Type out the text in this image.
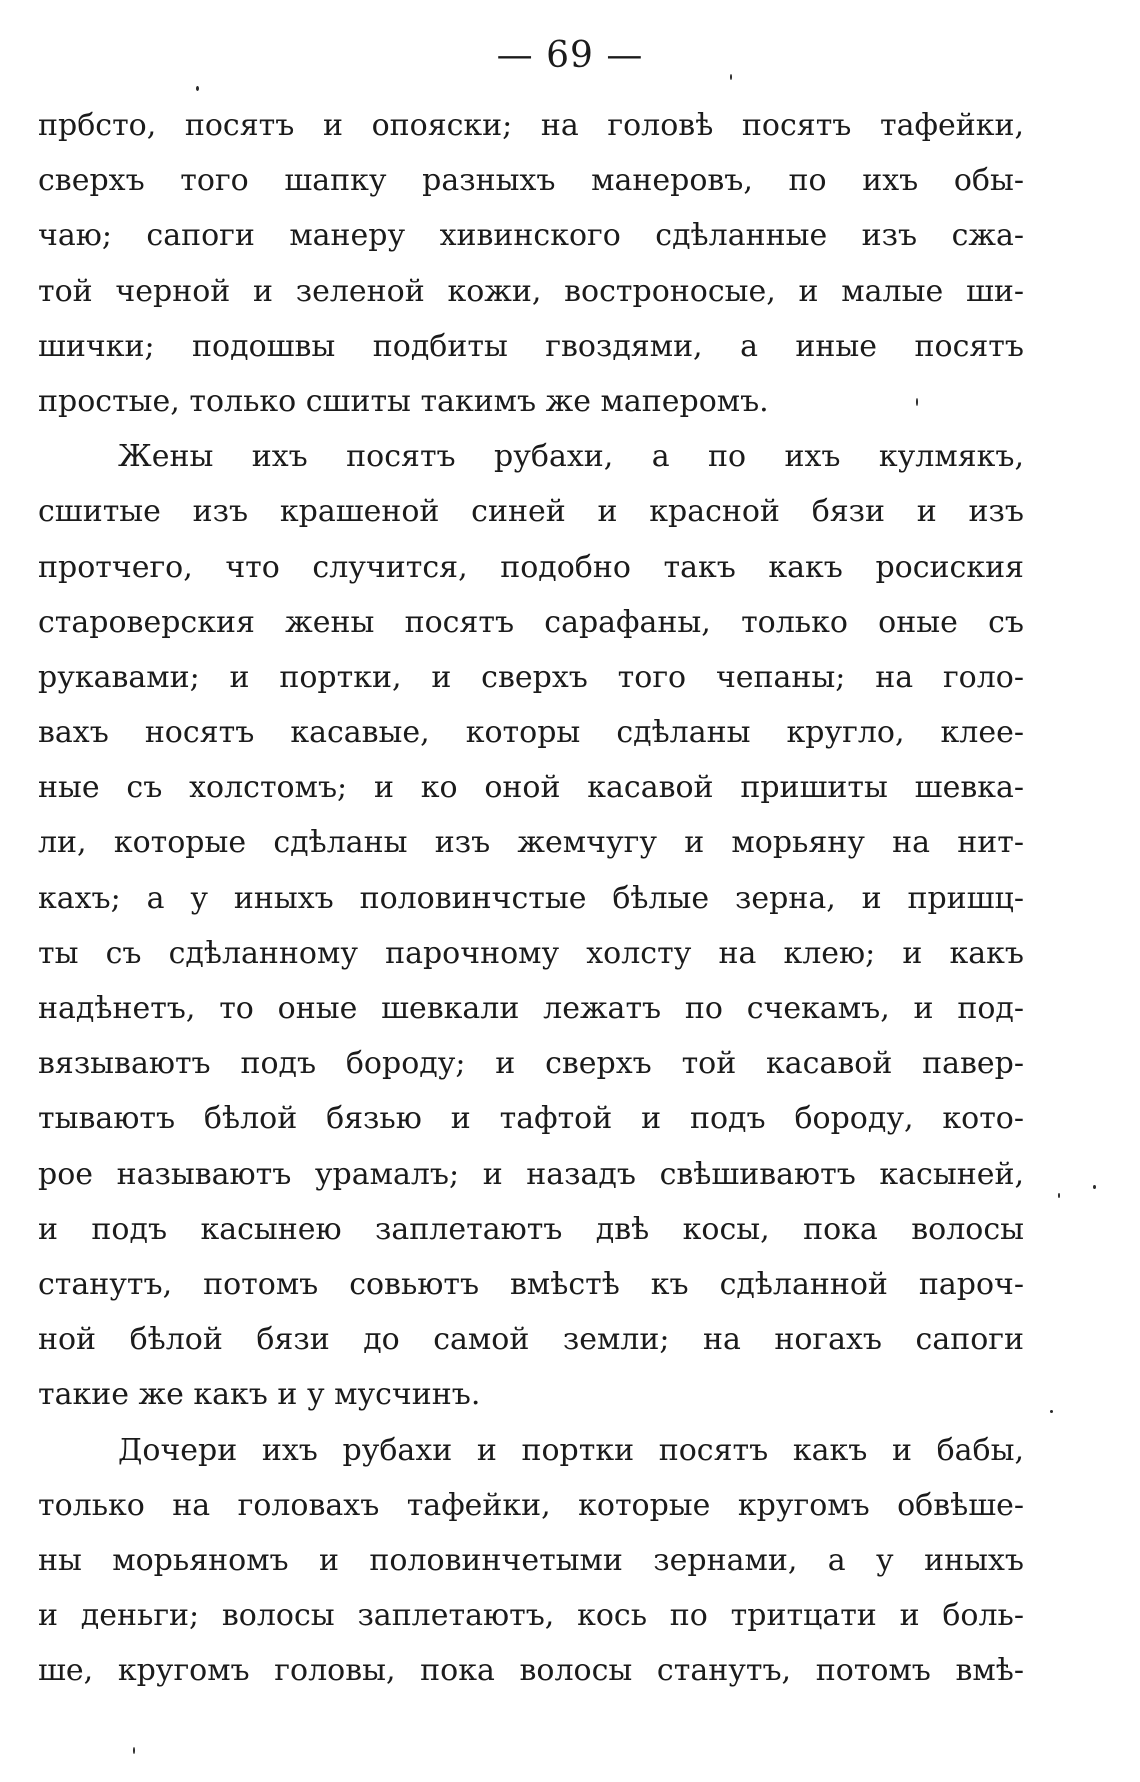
— 69 —
прбсто, посятъ и опояски; на головѣ посятъ тафейки,
сверхъ того шапку разныхъ манеровъ, по ихъ обы-
чаю; сапоги манеру хивинского сдѣланные изъ сжа-
той черной и зеленой кожи, востроносые, и малые ши-
шички; подошвы подбиты гвоздями, а иные посятъ
простые, только сшиты такимъ же маперомъ.
Жены ихъ посятъ рубахи, а по ихъ кулмякъ,
сшитые изъ крашеной синей и красной бязи и изъ
протчего, что случится, подобно такъ какъ росиския
староверския жены посятъ сарафаны, только оные съ
рукавами; и портки, и сверхъ того чепаны; на голо-
вахъ носятъ касавые, которы сдѣланы кругло, клее-
ные съ холстомъ; и ко оной касавой пришиты шевка-
ли, которые сдѣланы изъ жемчугу и морьяну на нит-
кахъ; а у иныхъ половинчстые бѣлые зерна, и пришц-
ты съ сдѣланному парочному холсту на клею; и какъ
надѣнетъ, то оные шевкали лежатъ по счекамъ, и под-
вязываютъ подъ бороду; и сверхъ той касавой павер-
тываютъ бѣлой бязью и тафтой и подъ бороду, кото-
рое называютъ урамалъ; и назадъ свѣшиваютъ касыней,
и подъ касынею заплетаютъ двѣ косы, пока волосы
станутъ, потомъ совьютъ вмѣстѣ къ сдѣланной пароч-
ной бѣлой бязи до самой земли; на ногахъ сапоги
такие же какъ и у мусчинъ.
Дочери ихъ рубахи и портки посятъ какъ и бабы,
только на головахъ тафейки, которые кругомъ обвѣше-
ны морьяномъ и половинчетыми зернами, а у иныхъ
и деньги; волосы заплетаютъ, кось по тритцати и боль-
ше, кругомъ головы, пока волосы станутъ, потомъ вмѣ-
